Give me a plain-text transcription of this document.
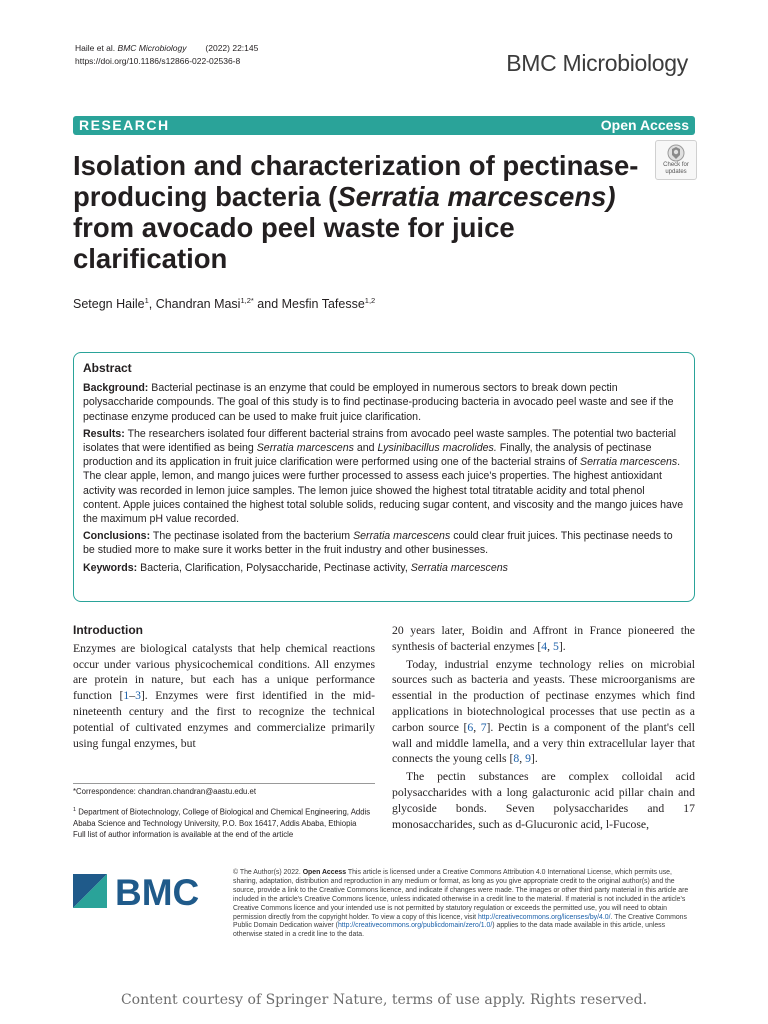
Haile et al. BMC Microbiology (2022) 22:145
https://doi.org/10.1186/s12866-022-02536-8	BMC Microbiology
RESEARCH	Open Access
Isolation and characterization of pectinase-producing bacteria (Serratia marcescens) from avocado peel waste for juice clarification
Check for
updates
Setegn Haile$^1$, Chandran Masi$^{1,2*}$ and Mesfin Tafesse$^{1,2}$
Abstract

Background: Bacterial pectinase is an enzyme that could be employed in numerous sectors to break down pectin polysaccharide compounds. The goal of this study is to find pectinase-producing bacteria in avocado peel waste and see if the pectinase enzyme produced can be used to make fruit juice clarification.

Results: The researchers isolated four different bacterial strains from avocado peel waste samples. The potential two bacterial isolates that were identified as being Serratia marcescens and Lysinibacillus macrolides. Finally, the analysis of pectinase production and its application in fruit juice clarification were performed using one of the bacterial strains of Serratia marcescens. The clear apple, lemon, and mango juices were further processed to assess each juice's properties. The highest antioxidant activity was recorded in lemon juice samples. The lemon juice showed the highest total titratable acidity and total phenol content. Apple juices contained the highest total soluble solids, reducing sugar content, and viscosity and the mango juices have the maximum pH value recorded.

Conclusions: The pectinase isolated from the bacterium Serratia marcescens could clear fruit juices. This pectinase needs to be studied more to make sure it works better in the fruit industry and other businesses.

Keywords: Bacteria, Clarification, Polysaccharide, Pectinase activity, Serratia marcescens

Introduction

Enzymes are biological catalysts that help chemical reactions occur under various physicochemical conditions. All enzymes are protein in nature, but each has a unique performance function [1–3]. Enzymes were first identified in the mid-nineteenth century and the first to recognize the technical potential of cultivated enzymes and commercialize primarily using fungal enzymes, but

20 years later, Boidin and Affront in France pioneered the synthesis of bacterial enzymes [4, 5].

Today, industrial enzyme technology relies on microbial sources such as bacteria and yeasts. These microorganisms are essential in the production of pectinase enzymes which find applications in biotechnological processes that use pectin as a carbon source [6, 7]. Pectin is a component of the plant's cell wall and middle lamella, and a very thin extracellular layer that connects the young cells [8, 9].

The pectin substances are complex colloidal acid polysaccharides with a long galacturonic acid pillar chain and glycoside bonds. Seven polysaccharides and 17 monosaccharides, such as d-Glucuronic acid, l-Fucose,

*Correspondence: chandran.chandran@aastu.edu.et
$^1$ Department of Biotechnology, College of Biological and Chemical Engineering, Addis Ababa Science and Technology University, P.O. Box 16417, Addis Ababa, Ethiopia
Full list of author information is available at the end of the article
BMC	© The Author(s) 2022. Open Access This article is licensed under a Creative Commons Attribution 4.0 International License, which permits use, sharing, adaptation, distribution and reproduction in any medium or format, as long as you give appropriate credit to the original author(s) and the source, provide a link to the Creative Commons licence, and indicate if changes were made. The images or other third party material in this article are included in the article's Creative Commons licence, unless indicated otherwise in a credit line to the material. If material is not included in the article's Creative Commons licence and your intended use is not permitted by statutory regulation or exceeds the permitted use, you will need to obtain permission directly from the copyright holder. To view a copy of this licence, visit http://creativecommons.org/licenses/by/4.0/. The Creative Commons Public Domain Dedication waiver (http://creativecommons.org/publicdomain/zero/1.0/) applies to the data made available in this article, unless otherwise stated in a credit line to the data.
Content courtesy of Springer Nature, terms of use apply. Rights reserved.
